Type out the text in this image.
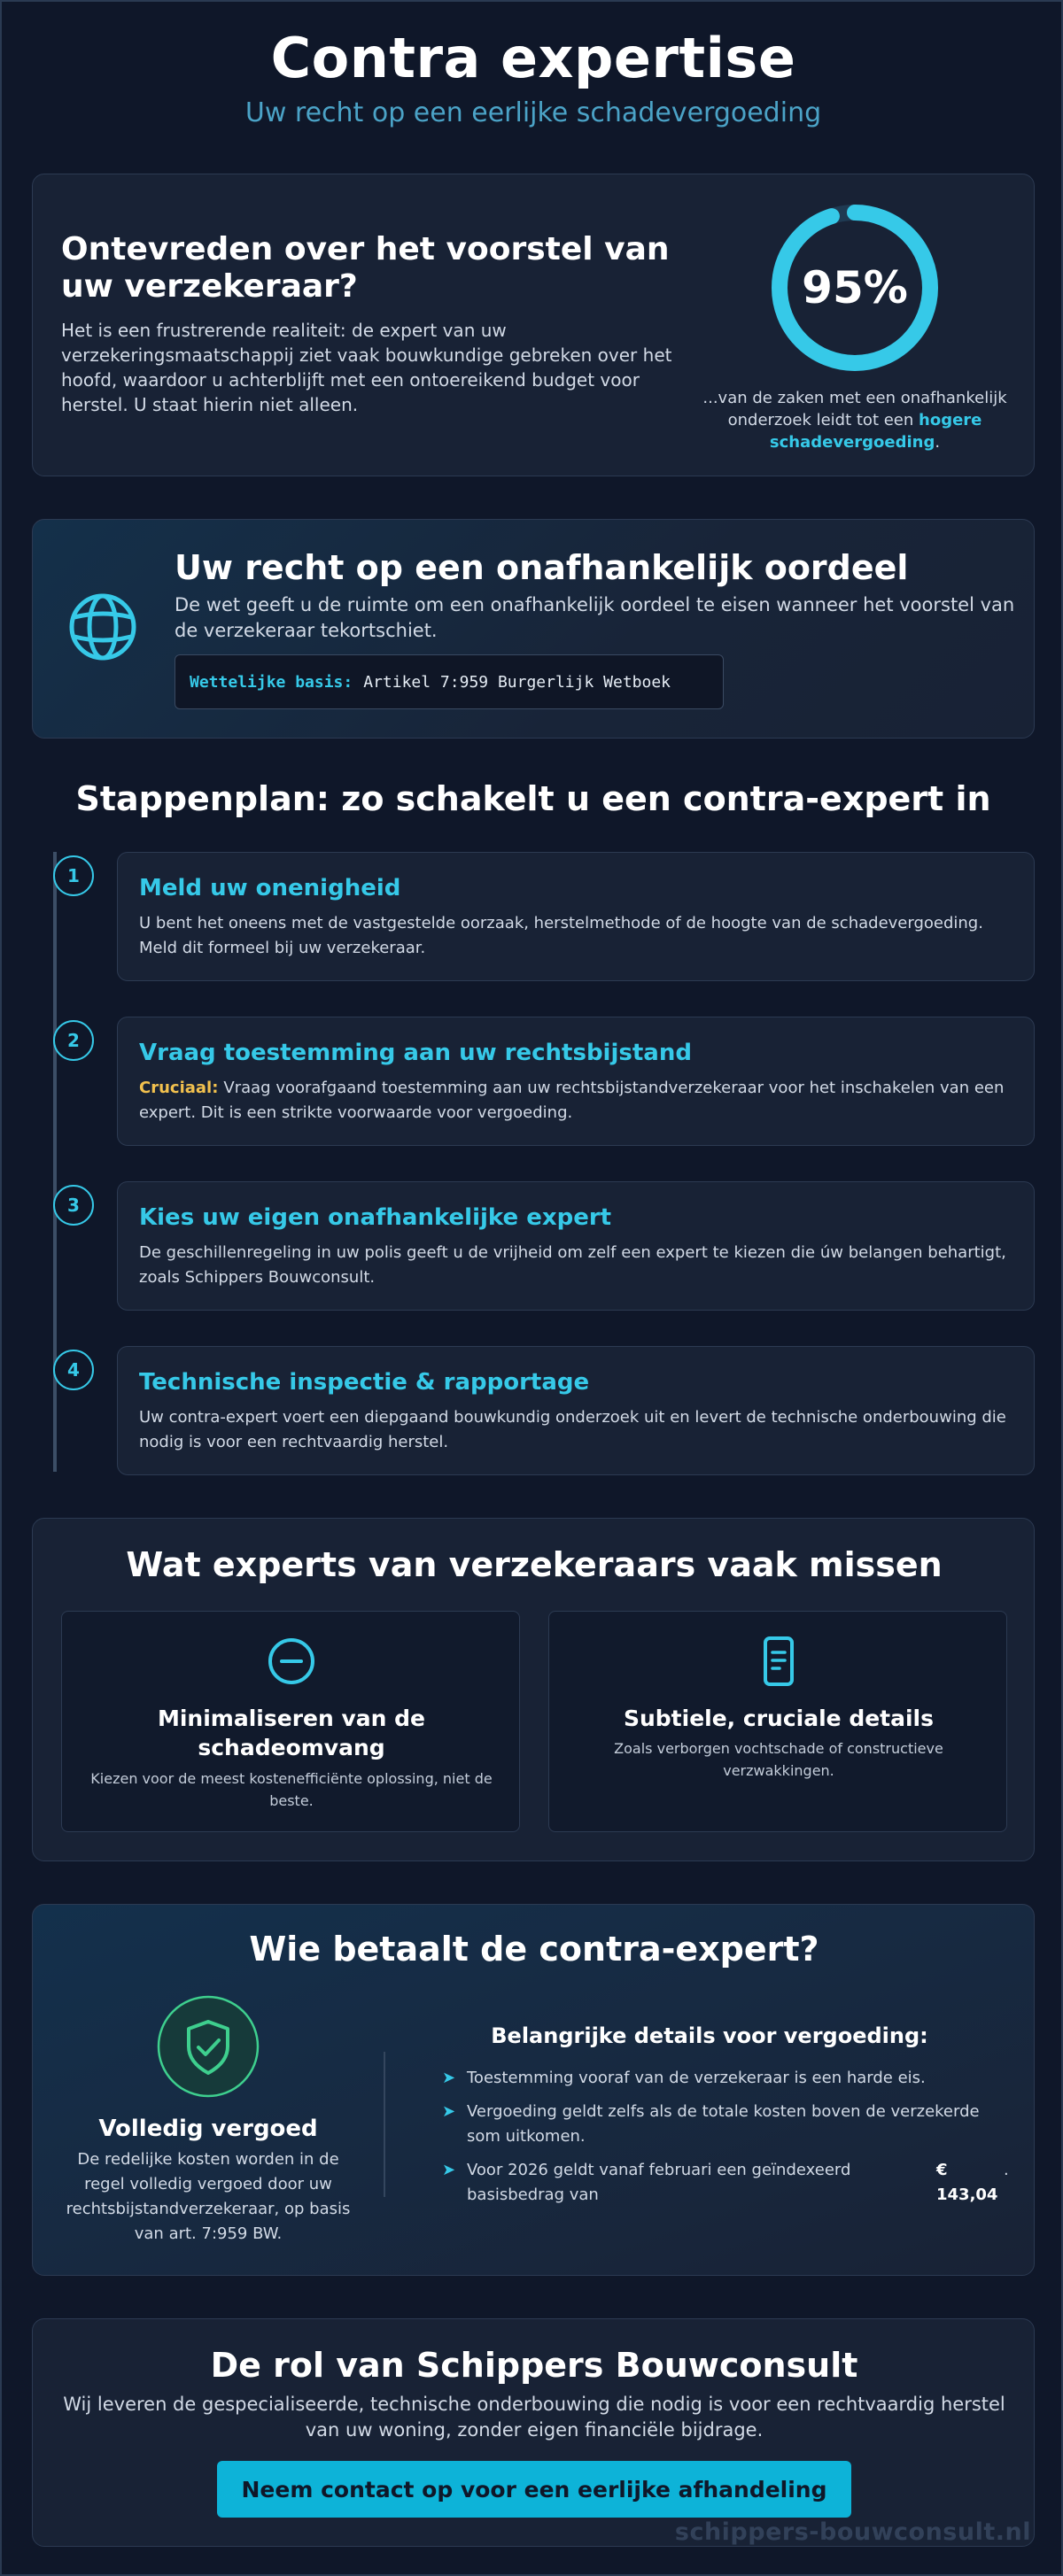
Contra expertise
Uw recht op een eerlijke schadevergoeding
Ontevreden over het voorstel van uw verzekeraar?

Het is een frustrerende realiteit: de expert van uw verzekeringsmaatschappij ziet vaak bouwkundige gebreken over het hoofd, waardoor u achterblijft met een ontoereikend budget voor herstel. U staat hierin niet alleen.

95%
...van de zaken met een onafhankelijk onderzoek leidt tot een hogere schadevergoeding.
Uw recht op een onafhankelijk oordeel

De wet geeft u de ruimte om een onafhankelijk oordeel te eisen wanneer het voorstel van de verzekeraar tekortschiet.

Wettelijke basis: Artikel 7:959 Burgerlijk Wetboek
Stappenplan: zo schakelt u een contra-expert in
1	Meld uw onenigheid

U bent het oneens met de vastgestelde oorzaak, herstelmethode of de hoogte van de schadevergoeding. Meld dit formeel bij uw verzekeraar.

2	Vraag toestemming aan uw rechtsbijstand

Cruciaal: Vraag voorafgaand toestemming aan uw rechtsbijstandverzekeraar voor het inschakelen van een expert. Dit is een strikte voorwaarde voor vergoeding.

3	Kies uw eigen onafhankelijke expert

De geschillenregeling in uw polis geeft u de vrijheid om zelf een expert te kiezen die úw belangen behartigt, zoals Schippers Bouwconsult.

4	Technische inspectie & rapportage

Uw contra-expert voert een diepgaand bouwkundig onderzoek uit en levert de technische onderbouwing die nodig is voor een rechtvaardig herstel.

Wat experts van verzekeraars vaak missen
Minimaliseren van de schadeomvang

Kiezen voor de meest kostenefficiënte oplossing, niet de beste.

Subtiele, cruciale details

Zoals verborgen vochtschade of constructieve verzwakkingen.

Wie betaalt de contra-expert?
Volledig vergoed
De redelijke kosten worden in de regel volledig vergoed door uw rechtsbijstandverzekeraar, op basis van art. 7:959 BW.
Belangrijke details voor vergoeding:
➤ Toestemming vooraf van de verzekeraar is een harde eis.
➤ Vergoeding geldt zelfs als de totale kosten boven de verzekerde som uitkomen.
➤ Voor 2026 geldt vanaf februari een geïndexeerd basisbedrag van
€ 143,04
.
De rol van Schippers Bouwconsult

Wij leveren de gespecialiseerde, technische onderbouwing die nodig is voor een rechtvaardig herstel van uw woning, zonder eigen financiële bijdrage.

Neem contact op voor een eerlijke afhandeling
schippers-bouwconsult.nl
